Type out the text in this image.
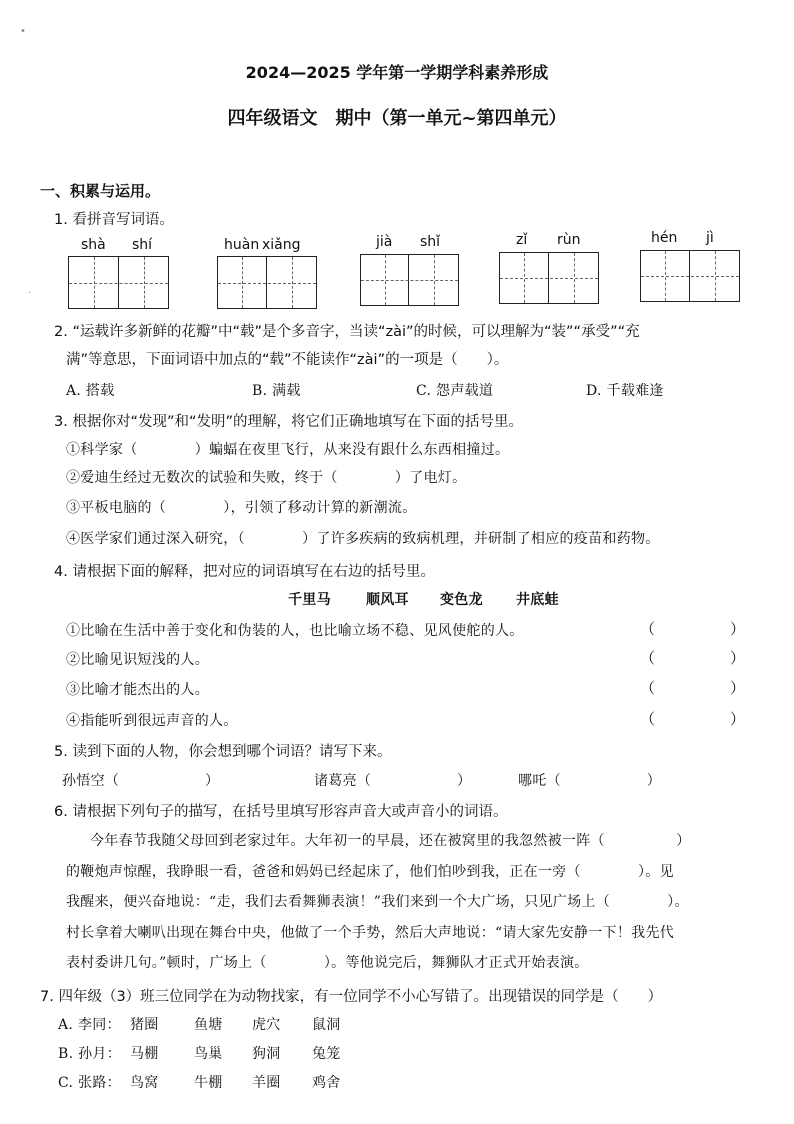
•
·
2024—2025 学年第一学期学科素养形成
四年级语文　期中（第一单元~第四单元）
一、积累与运用。
1. 看拼音写词语。
shà shí	huàn xiǎng	jià shǐ	zǐ rùn	hén jì
2. “运载许多新鲜的花瓣”中“载”是个多音字，当读“zài”的时候，可以理解为“装”“承受”“充
满”等意思，下面词语中加点的“载”不能读作“zài”的一项是（　　）。
A. 搭载	B. 满载	C. 怨声载道	D. 千载难逢
3. 根据你对“发现”和“发明”的理解，将它们正确地填写在下面的括号里。
①科学家（　　　　）蝙蝠在夜里飞行，从来没有跟什么东西相撞过。
②爱迪生经过无数次的试验和失败，终于（　　　　）了电灯。
③平板电脑的（　　　　），引领了移动计算的新潮流。
④医学家们通过深入研究，（　　　　）了许多疾病的致病机理，并研制了相应的疫苗和药物。
4. 请根据下面的解释，把对应的词语填写在右边的括号里。
千里马	顺风耳 变色龙 井底蛙
①比喻在生活中善于变化和伪装的人，也比喻立场不稳、见风使舵的人。	（	）
②比喻见识短浅的人。	（	）
③比喻才能杰出的人。	（	）
④指能听到很远声音的人。	（	）
5. 读到下面的人物，你会想到哪个词语？请写下来。
孙悟空（　　　　　　）	诸葛亮（　　　　　　）	哪吒（　　　　　　）
6. 请根据下列句子的描写，在括号里填写形容声音大或声音小的词语。
今年春节我随父母回到老家过年。大年初一的早晨，还在被窝里的我忽然被一阵（　　　　　）
的鞭炮声惊醒，我睁眼一看，爸爸和妈妈已经起床了，他们怕吵到我，正在一旁（　　　　）。见
我醒来，便兴奋地说：“走，我们去看舞狮表演！”我们来到一个大广场，只见广场上（　　　　）。
村长拿着大喇叭出现在舞台中央，他做了一个手势，然后大声地说：“请大家先安静一下！我先代
表村委讲几句。”顿时，广场上（　　　　）。等他说完后，舞狮队才正式开始表演。
7. 四年级（3）班三位同学在为动物找家，有一位同学不小心写错了。出现错误的同学是（　　）
A. 李同： 猪圈	鱼塘 虎穴 鼠洞
B. 孙月： 马棚	鸟巢 狗洞 兔笼
C. 张路： 鸟窝	牛棚 羊圈 鸡舍
